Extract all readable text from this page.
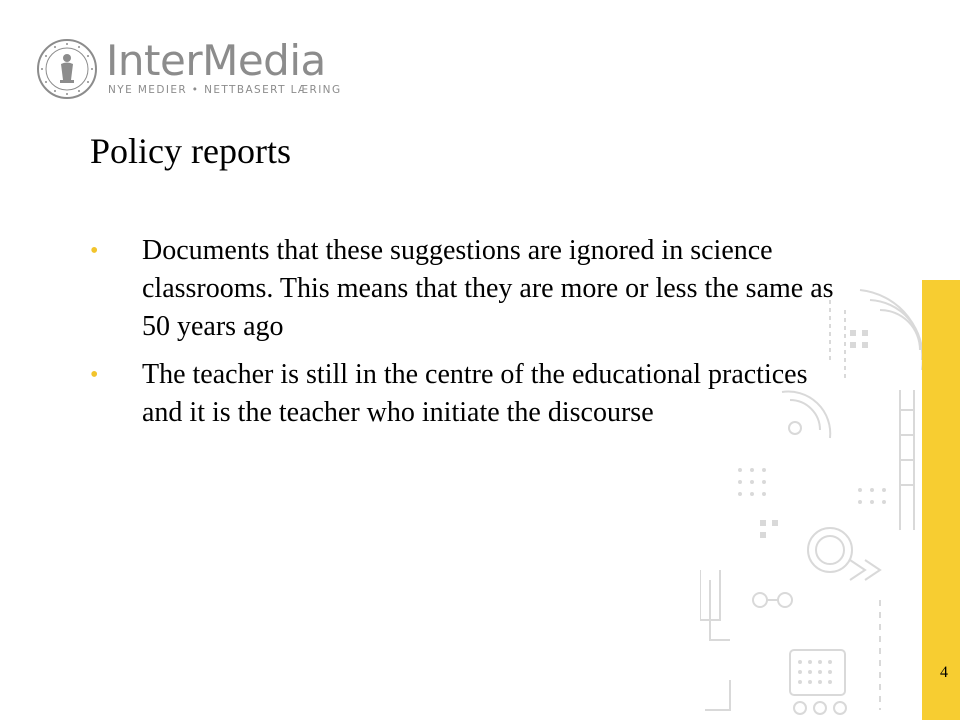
InterMedia
NYE MEDIER • NETTBASERT LÆRING
Policy reports
• Documents that these suggestions are ignored in science classrooms. This means that they are more or less the same as 50 years ago
• The teacher is still in the centre of the educational practices and it is the teacher who initiate the discourse
4
